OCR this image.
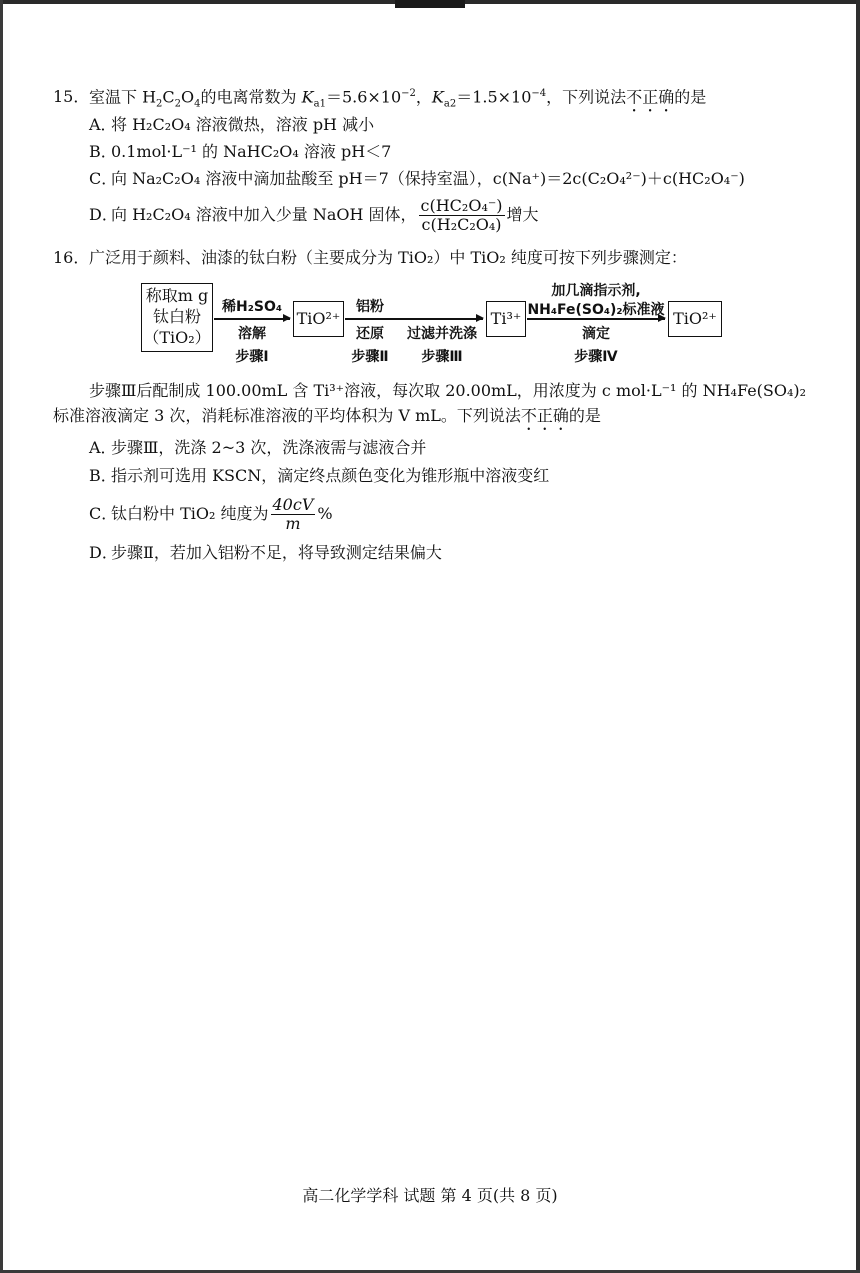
15．室温下 $H_2C_2O_4$的电离常数为 $K_{a1}=5.6\times 10^{-2}$，$K_{a2}=1.5\times 10^{-4}$，下列说法不正确的是
A．将 H₂C₂O₄ 溶液微热，溶液 pH 减小
B．0.1mol·L⁻¹ 的 NaHC₂O₄ 溶液 pH＜7
C．向 Na₂C₂O₄ 溶液中滴加盐酸至 pH＝7（保持室温），c(Na⁺)＝2c(C₂O₄²⁻)＋c(HC₂O₄⁻)
D．向 H₂C₂O₄ 溶液中加入少量 NaOH 固体， $\frac{\text{c(HC₂O₄⁻)}}{\text{c(H₂C₂O₄)}}$ 增大
16．广泛用于颜料、油漆的钛白粉（主要成分为 TiO₂）中 TiO₂ 纯度可按下列步骤测定：
称取m g
钛白粉
（TiO₂）
稀H₂SO₄
溶解
步骤Ⅰ
TiO²⁺
铝粉
还原
步骤Ⅱ
过滤并洗涤
步骤Ⅲ
Ti³⁺
加几滴指示剂,
NH₄Fe(SO₄)₂标准液
滴定
步骤Ⅳ
TiO²⁺
步骤Ⅲ后配制成 100.00mL 含 Ti³⁺溶液，每次取 20.00mL，用浓度为 c mol·L⁻¹ 的 NH₄Fe(SO₄)₂
标准溶液滴定 3 次，消耗标准溶液的平均体积为 V mL。下列说法不正确的是
A．步骤Ⅲ，洗涤 2~3 次，洗涤液需与滤液合并
B．指示剂可选用 KSCN，滴定终点颜色变化为锥形瓶中溶液变红
C．钛白粉中 TiO₂ 纯度为 $\frac{40cV}{m}$ %
D．步骤Ⅱ，若加入铝粉不足，将导致测定结果偏大
高二化学学科 试题 第 4 页(共 8 页)
